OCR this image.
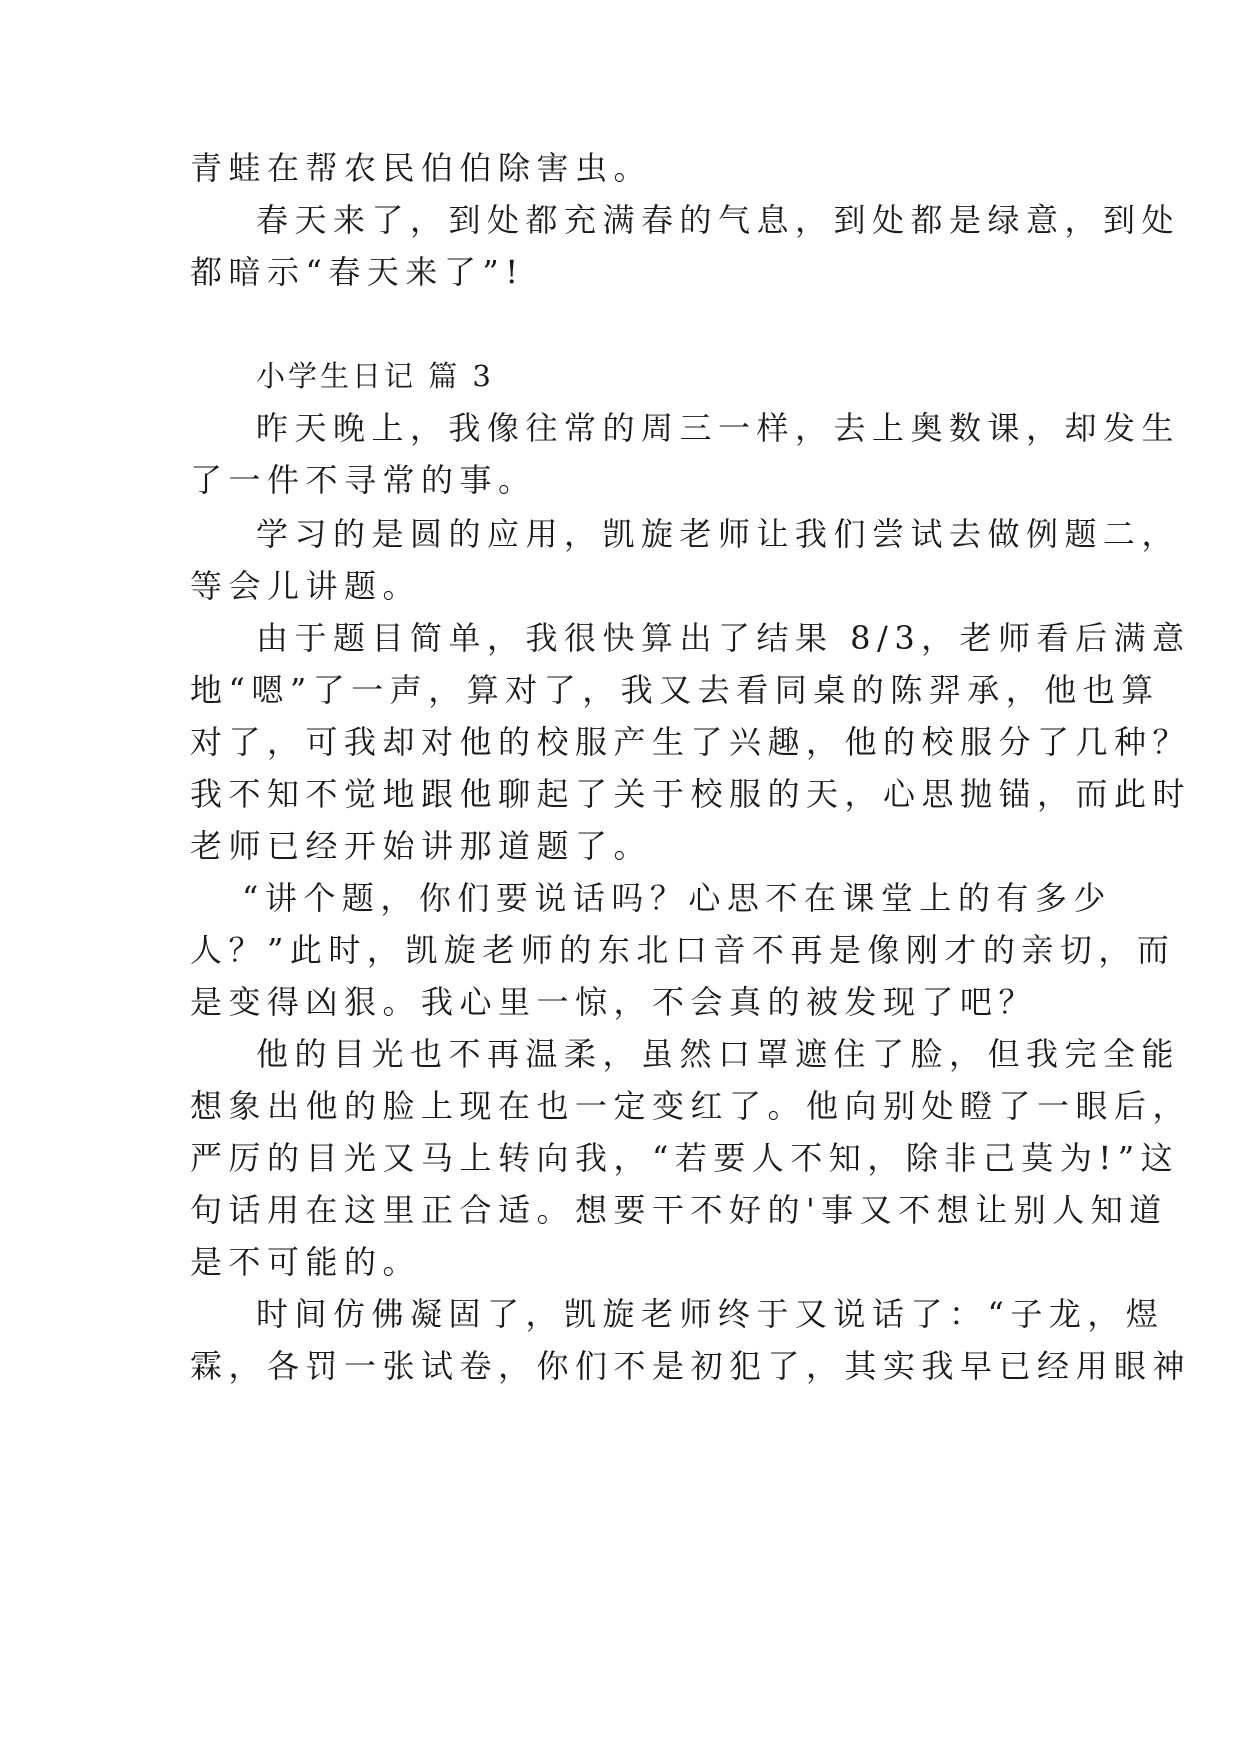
青蛙在帮农民伯伯除害虫。
春天来了，到处都充满春的气息，到处都是绿意，到处
都暗示“春天来了”!
小学生日记 篇 3
昨天晚上，我像往常的周三一样，去上奥数课，却发生
了一件不寻常的事。
学习的是圆的应用，凯旋老师让我们尝试去做例题二，
等会儿讲题。
由于题目简单，我很快算出了结果 8/3，老师看后满意
地“嗯”了一声，算对了，我又去看同桌的陈羿承，他也算
对了，可我却对他的校服产生了兴趣，他的校服分了几种？
我不知不觉地跟他聊起了关于校服的天，心思抛锚，而此时
老师已经开始讲那道题了。
“讲个题，你们要说话吗？心思不在课堂上的有多少
人？”此时，凯旋老师的东北口音不再是像刚才的亲切，而
是变得凶狠。我心里一惊，不会真的被发现了吧？
他的目光也不再温柔，虽然口罩遮住了脸，但我完全能
想象出他的脸上现在也一定变红了。他向别处瞪了一眼后，
严厉的目光又马上转向我，“若要人不知，除非己莫为!”这
句话用在这里正合适。想要干不好的'事又不想让别人知道
是不可能的。
时间仿佛凝固了，凯旋老师终于又说话了：“子龙，煜
霖，各罚一张试卷，你们不是初犯了，其实我早已经用眼神
